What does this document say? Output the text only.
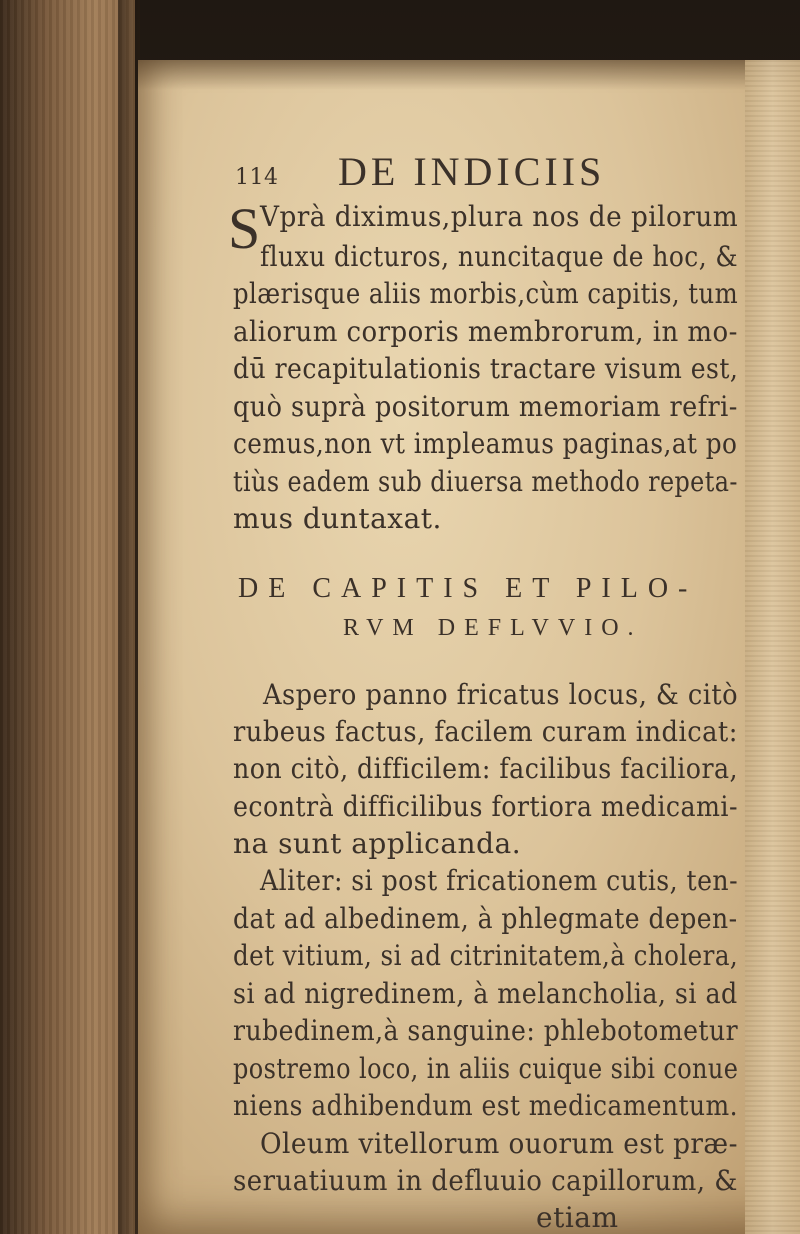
114 DE INDICIIS
S Vprà diximus,plura nos de pilorum
fluxu dicturos, nuncitaque de hoc, &
plærisque aliis morbis,cùm capitis, tum
aliorum corporis membrorum, in mo-
dū recapitulationis tractare visum est,
quò suprà positorum memoriam refri-
cemus,non vt impleamus paginas,at po
tiùs eadem sub diuersa methodo repeta-
mus duntaxat.
DE CAPITIS ET PILO-
RVM DEFLVVIO.
Aspero panno fricatus locus, & citò
rubeus factus, facilem curam indicat:
non citò, difficilem: facilibus faciliora,
econtrà difficilibus fortiora medicami-
na sunt applicanda.
Aliter: si post fricationem cutis, ten-
dat ad albedinem, à phlegmate depen-
det vitium, si ad citrinitatem,à cholera,
si ad nigredinem, à melancholia, si ad
rubedinem,à sanguine: phlebotometur
postremo loco, in aliis cuique sibi conue
niens adhibendum est medicamentum.
Oleum vitellorum ouorum est præ-
seruatiuum in defluuio capillorum, &
etiam
